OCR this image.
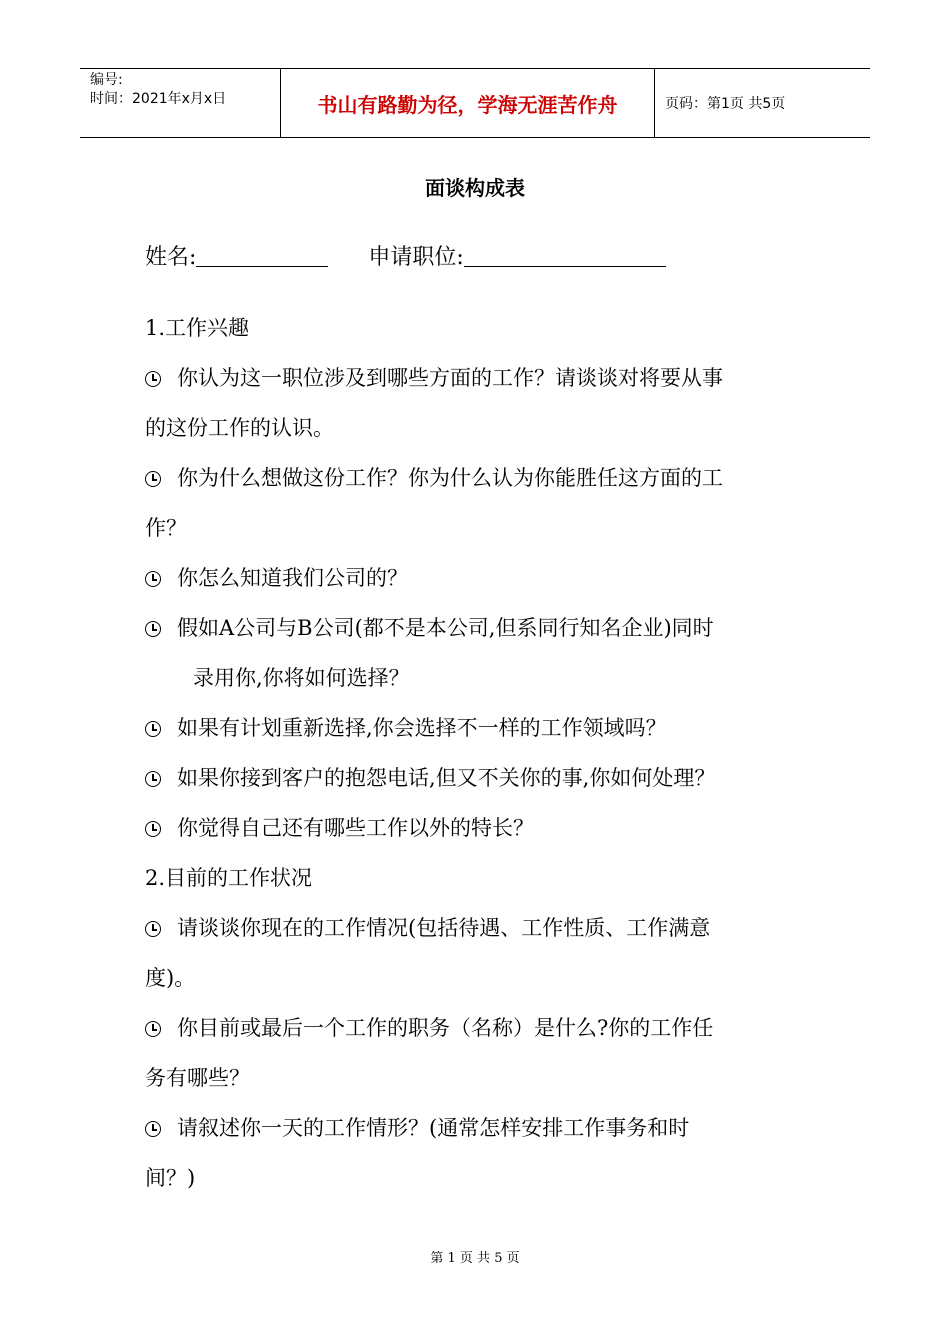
编号:
时间：2021年x月x日	书山有路勤为径，学海无涯苦作舟	页码：第1页 共5页
面谈构成表
姓名:	申请职位:
1.工作兴趣
你认为这一职位涉及到哪些方面的工作？请谈谈对将要从事
的这份工作的认识。
你为什么想做这份工作？你为什么认为你能胜任这方面的工
作？
你怎么知道我们公司的？
假如A公司与B公司(都不是本公司,但系同行知名企业)同时
录用你,你将如何选择？
如果有计划重新选择,你会选择不一样的工作领域吗？
如果你接到客户的抱怨电话,但又不关你的事,你如何处理？
你觉得自己还有哪些工作以外的特长？
2.目前的工作状况
请谈谈你现在的工作情况(包括待遇、工作性质、工作满意
度)。
你目前或最后一个工作的职务（名称）是什么?你的工作任
务有哪些？
请叙述你一天的工作情形？(通常怎样安排工作事务和时
间？)
第 1 页 共 5 页
